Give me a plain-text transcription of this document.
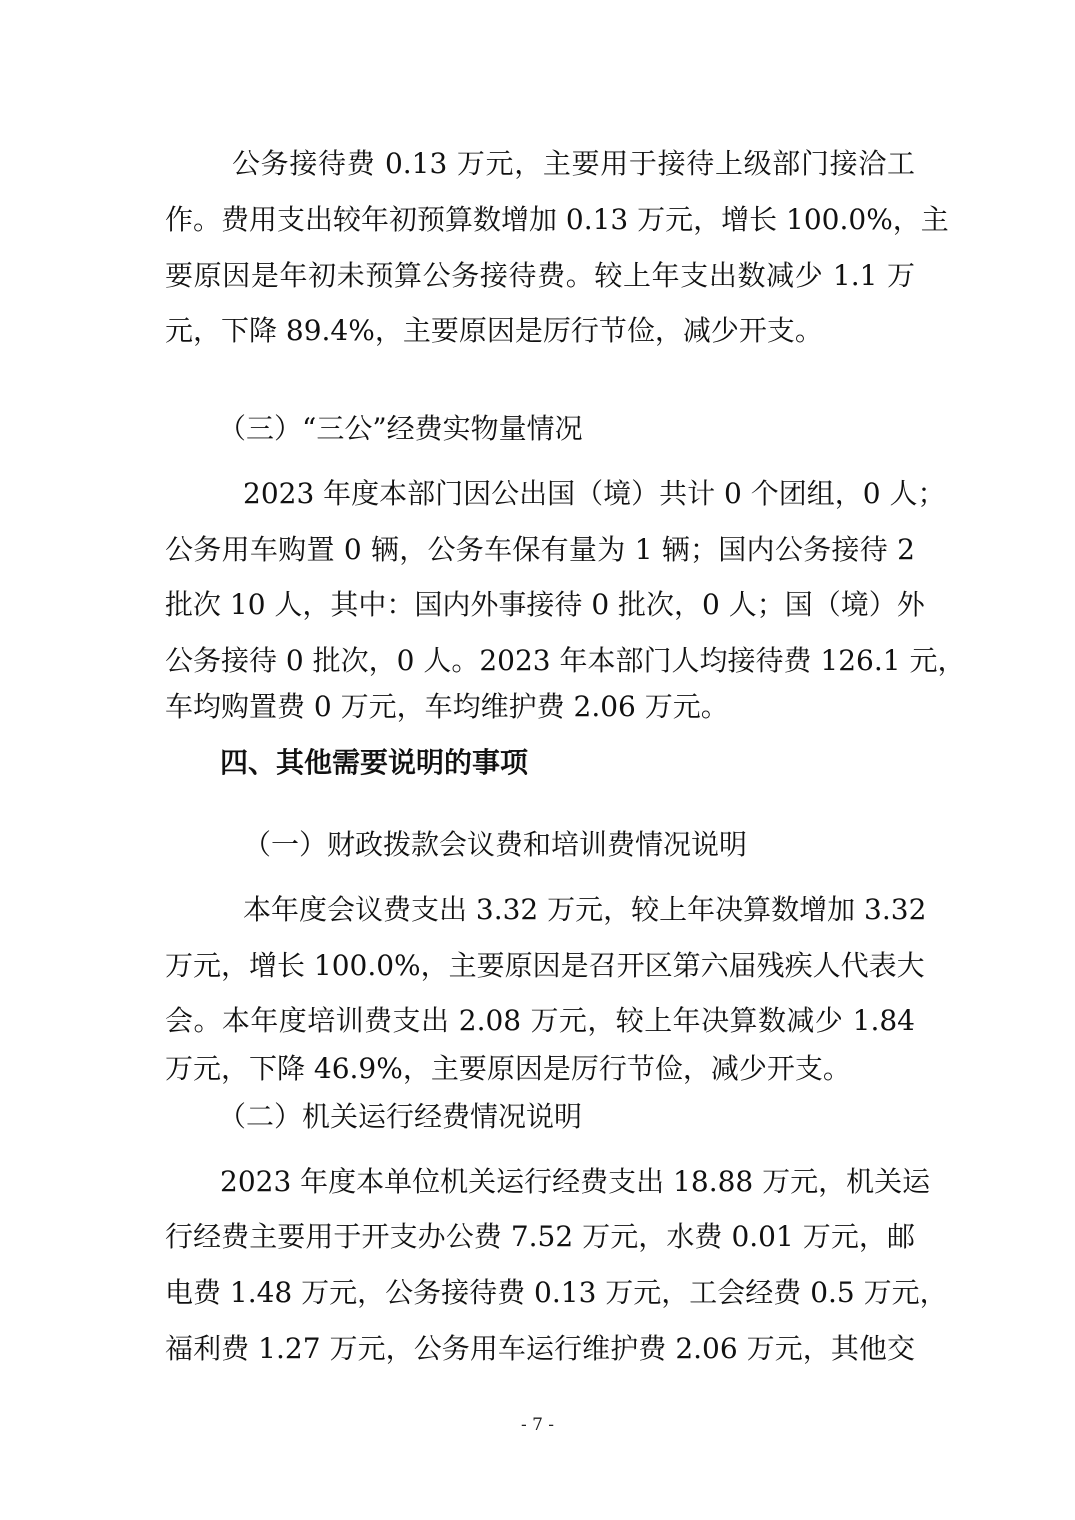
公务接待费 0.13 万元，主要用于接待上级部门接洽工
作。费用支出较年初预算数增加 0.13 万元，增长 100.0%，主
要原因是年初未预算公务接待费。较上年支出数减少 1.1 万
元，下降 89.4%，主要原因是厉行节俭，减少开支。
（三）“三公”经费实物量情况
2023 年度本部门因公出国（境）共计 0 个团组，0 人；
公务用车购置 0 辆，公务车保有量为 1 辆；国内公务接待 2
批次 10 人，其中：国内外事接待 0 批次，0 人；国（境）外
公务接待 0 批次，0 人。2023 年本部门人均接待费 126.1 元，
车均购置费 0 万元，车均维护费 2.06 万元。
四、其他需要说明的事项
（一）财政拨款会议费和培训费情况说明
本年度会议费支出 3.32 万元，较上年决算数增加 3.32
万元，增长 100.0%，主要原因是召开区第六届残疾人代表大
会。本年度培训费支出 2.08 万元，较上年决算数减少 1.84
万元，下降 46.9%，主要原因是厉行节俭，减少开支。
（二）机关运行经费情况说明
2023 年度本单位机关运行经费支出 18.88 万元，机关运
行经费主要用于开支办公费 7.52 万元，水费 0.01 万元，邮
电费 1.48 万元，公务接待费 0.13 万元，工会经费 0.5 万元，
福利费 1.27 万元，公务用车运行维护费 2.06 万元，其他交
- 7 -
